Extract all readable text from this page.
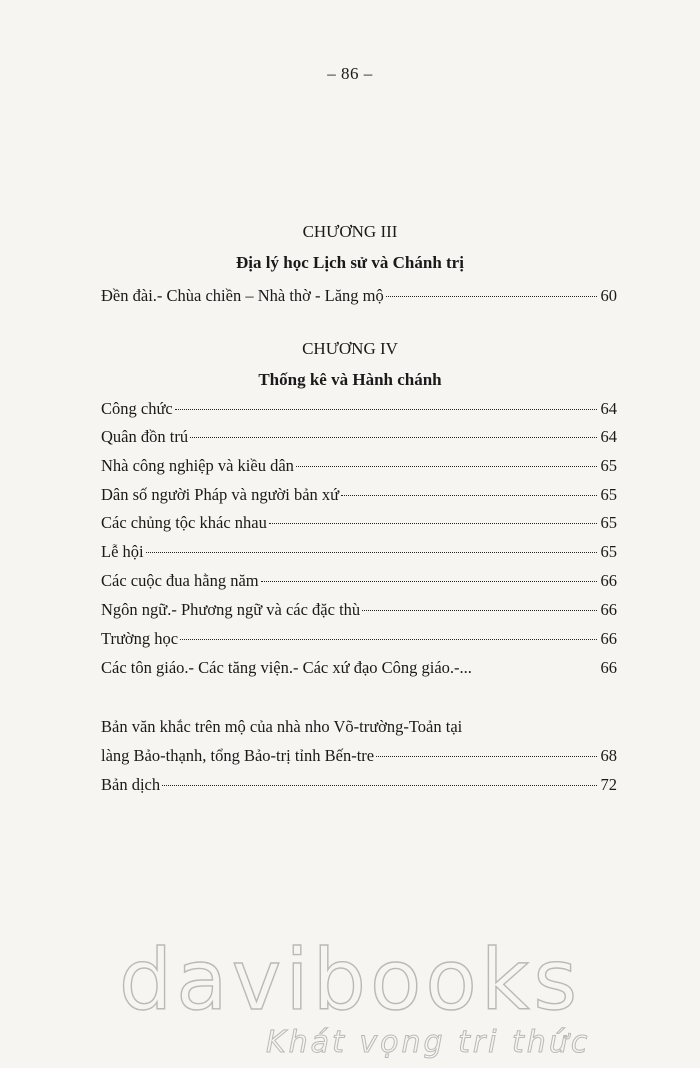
– 86 –
CHƯƠNG III
Địa lý học Lịch sử và Chánh trị
Đền đài.- Chùa chiền – Nhà thờ - Lăng mộ	60
CHƯƠNG IV
Thống kê và Hành chánh
Công chức	64
Quân đồn trú	64
Nhà công nghiệp và kiều dân	65
Dân số người Pháp và người bản xứ	65
Các chủng tộc khác nhau	65
Lễ hội	65
Các cuộc đua hằng năm	66
Ngôn ngữ.- Phương ngữ và các đặc thù	66
Trường học	66
Các tôn giáo.- Các tăng viện.- Các xứ đạo Công giáo.-...	66
Bản văn khắc trên mộ của nhà nho Võ-trường-Toản tại
làng Bảo-thạnh, tổng Bảo-trị tỉnh Bến-tre	68
Bản dịch	72
davibooks
Khát vọng tri thức
